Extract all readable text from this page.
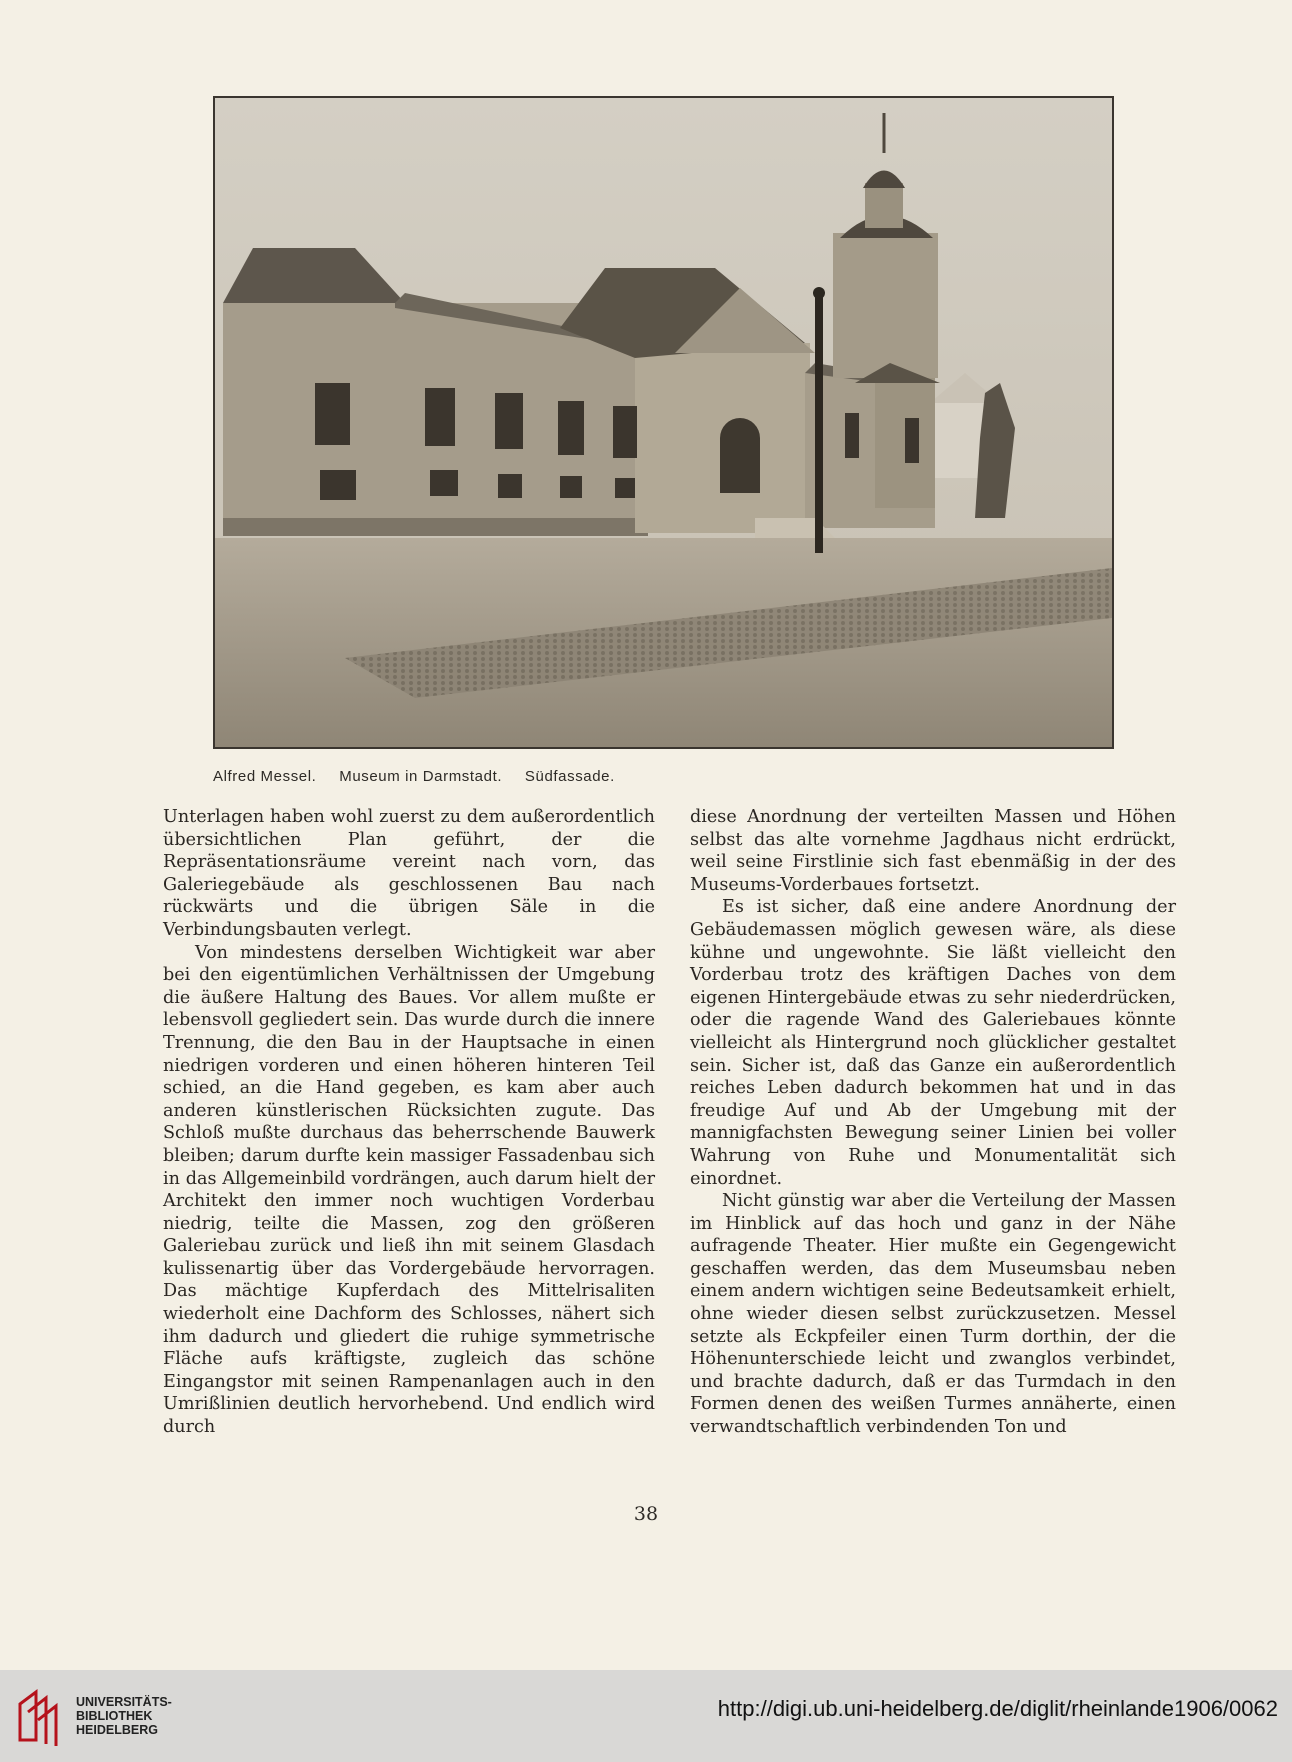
Alfred Messel. Museum in Darmstadt. Südfassade.

Unterlagen haben wohl zuerst zu dem außerordentlich übersichtlichen Plan geführt, der die Repräsentationsräume vereint nach vorn, das Galeriegebäude als geschlossenen Bau nach rückwärts und die übrigen Säle in die Verbindungsbauten verlegt.

Von mindestens derselben Wichtigkeit war aber bei den eigentümlichen Verhältnissen der Umgebung die äußere Haltung des Baues. Vor allem mußte er lebensvoll gegliedert sein. Das wurde durch die innere Trennung, die den Bau in der Hauptsache in einen niedrigen vorderen und einen höheren hinteren Teil schied, an die Hand gegeben, es kam aber auch anderen künstlerischen Rücksichten zugute. Das Schloß mußte durchaus das beherrschende Bauwerk bleiben; darum durfte kein massiger Fassadenbau sich in das Allgemeinbild vordrängen, auch darum hielt der Architekt den immer noch wuchtigen Vorderbau niedrig, teilte die Massen, zog den größeren Galeriebau zurück und ließ ihn mit seinem Glasdach kulissenartig über das Vordergebäude hervorragen. Das mächtige Kupferdach des Mittelrisaliten wiederholt eine Dachform des Schlosses, nähert sich ihm dadurch und gliedert die ruhige symmetrische Fläche aufs kräftigste, zugleich das schöne Eingangstor mit seinen Rampenanlagen auch in den Umrißlinien deutlich hervorhebend. Und endlich wird durch

diese Anordnung der verteilten Massen und Höhen selbst das alte vornehme Jagdhaus nicht erdrückt, weil seine Firstlinie sich fast ebenmäßig in der des Museums-Vorderbaues fortsetzt.

Es ist sicher, daß eine andere Anordnung der Gebäudemassen möglich gewesen wäre, als diese kühne und ungewohnte. Sie läßt vielleicht den Vorderbau trotz des kräftigen Daches von dem eigenen Hintergebäude etwas zu sehr niederdrücken, oder die ragende Wand des Galeriebaues könnte vielleicht als Hintergrund noch glücklicher gestaltet sein. Sicher ist, daß das Ganze ein außerordentlich reiches Leben dadurch bekommen hat und in das freudige Auf und Ab der Umgebung mit der mannigfachsten Bewegung seiner Linien bei voller Wahrung von Ruhe und Monumentalität sich einordnet.

Nicht günstig war aber die Verteilung der Massen im Hinblick auf das hoch und ganz in der Nähe aufragende Theater. Hier mußte ein Gegengewicht geschaffen werden, das dem Museumsbau neben einem andern wichtigen seine Bedeutsamkeit erhielt, ohne wieder diesen selbst zurückzusetzen. Messel setzte als Eckpfeiler einen Turm dorthin, der die Höhenunterschiede leicht und zwanglos verbindet, und brachte dadurch, daß er das Turmdach in den Formen denen des weißen Turmes annäherte, einen verwandtschaftlich verbindenden Ton und

38
UNIVERSITÄTS-
BIBLIOTHEK
HEIDELBERG
http://digi.ub.uni-heidelberg.de/diglit/rheinlande1906/0062
